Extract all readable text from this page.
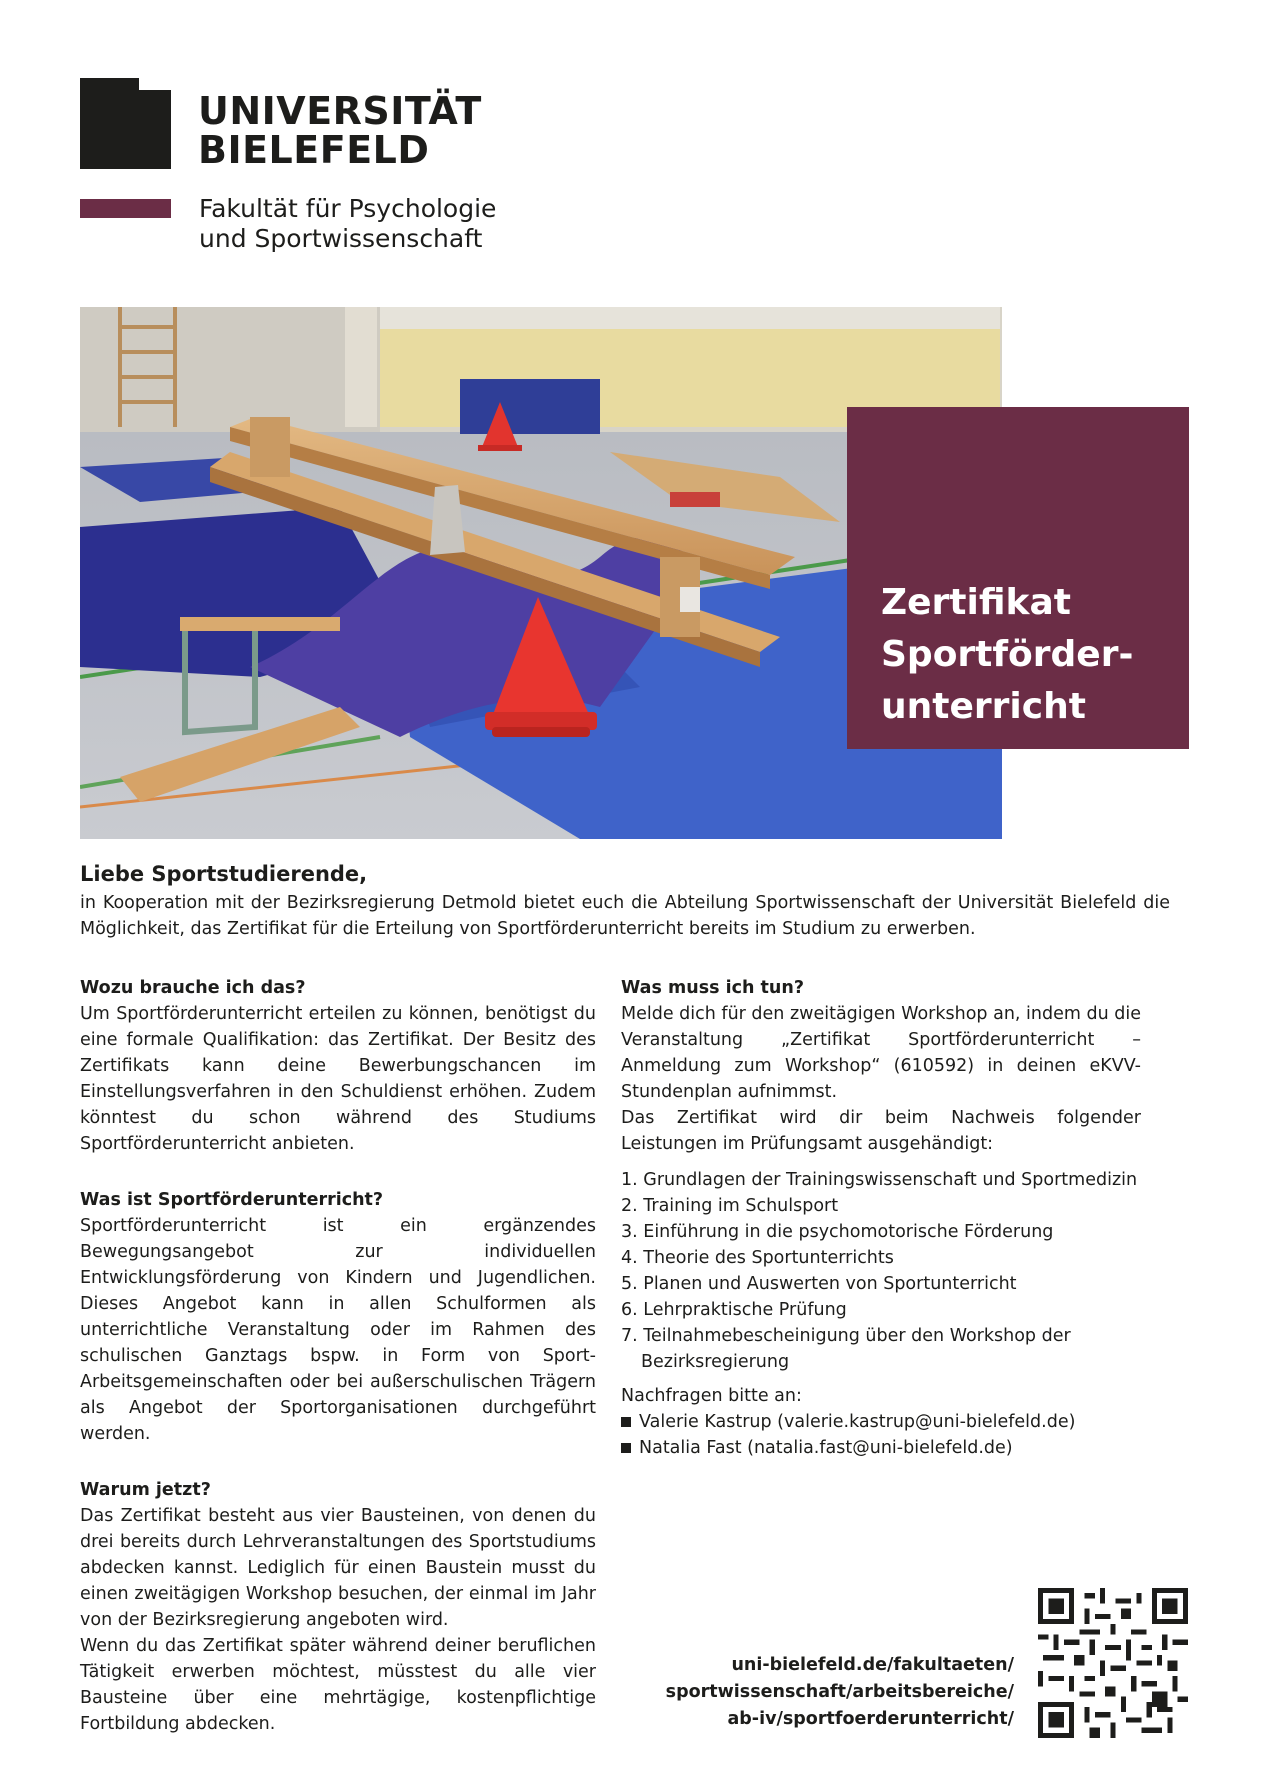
UNIVERSITÄT
BIELEFELD
Fakultät für Psychologie
und Sportwissenschaft

Zertifikat
Sportförder-
unterricht

Liebe Sportstudierende,

in Kooperation mit der Bezirksregierung Detmold bietet euch die Abteilung Sportwissenschaft der Universität Bielefeld die Möglichkeit, das Zertifikat für die Erteilung von Sportförderunterricht bereits im Studium zu erwerben.

Wozu brauche ich das?

Um Sportförderunterricht erteilen zu können, benötigst du eine formale Qualifikation: das Zertifikat. Der Besitz des Zertifikats kann deine Bewerbungschancen im Einstellungsverfahren in den Schuldienst erhöhen. Zudem könntest du schon während des Studiums Sportförderunterricht anbieten.

Was ist Sportförderunterricht?

Sportförderunterricht ist ein ergänzendes Bewegungsangebot zur individuellen Entwicklungsförderung von Kindern und Jugendlichen. Dieses Angebot kann in allen Schulformen als unterrichtliche Veranstaltung oder im Rahmen des schulischen Ganztags bspw. in Form von Sport-Arbeitsgemeinschaften oder bei außerschulischen Trägern als Angebot der Sportorganisationen durchgeführt werden.

Warum jetzt?

Das Zertifikat besteht aus vier Bausteinen, von denen du drei bereits durch Lehrveranstaltungen des Sportstudiums abdecken kannst. Lediglich für einen Baustein musst du einen zweitägigen Workshop besuchen, der einmal im Jahr von der Bezirksregierung angeboten wird.

Wenn du das Zertifikat später während deiner beruflichen Tätigkeit erwerben möchtest, müsstest du alle vier Bausteine über eine mehrtägige, kostenpflichtige Fortbildung abdecken.

Was muss ich tun?

Melde dich für den zweitägigen Workshop an, indem du die Veranstaltung „Zertifikat Sportförderunterricht – Anmeldung zum Workshop“ (610592) in deinen eKVV-Stundenplan aufnimmst.

Das Zertifikat wird dir beim Nachweis folgender Leistungen im Prüfungsamt ausgehändigt:

1. Grundlagen der Trainingswissenschaft und Sportmedizin
2. Training im Schulsport
3. Einführung in die psychomotorische Förderung
4. Theorie des Sportunterrichts
5. Planen und Auswerten von Sportunterricht
6. Lehrpraktische Prüfung
7. Teilnahmebescheinigung über den Workshop der Bezirksregierung

Nachfragen bitte an:

Valerie Kastrup (valerie.kastrup@uni-bielefeld.de)
Natalia Fast (natalia.fast@uni-bielefeld.de)
uni-bielefeld.de/fakultaeten/
sportwissenschaft/arbeitsbereiche/
ab-iv/sportfoerderunterricht/
